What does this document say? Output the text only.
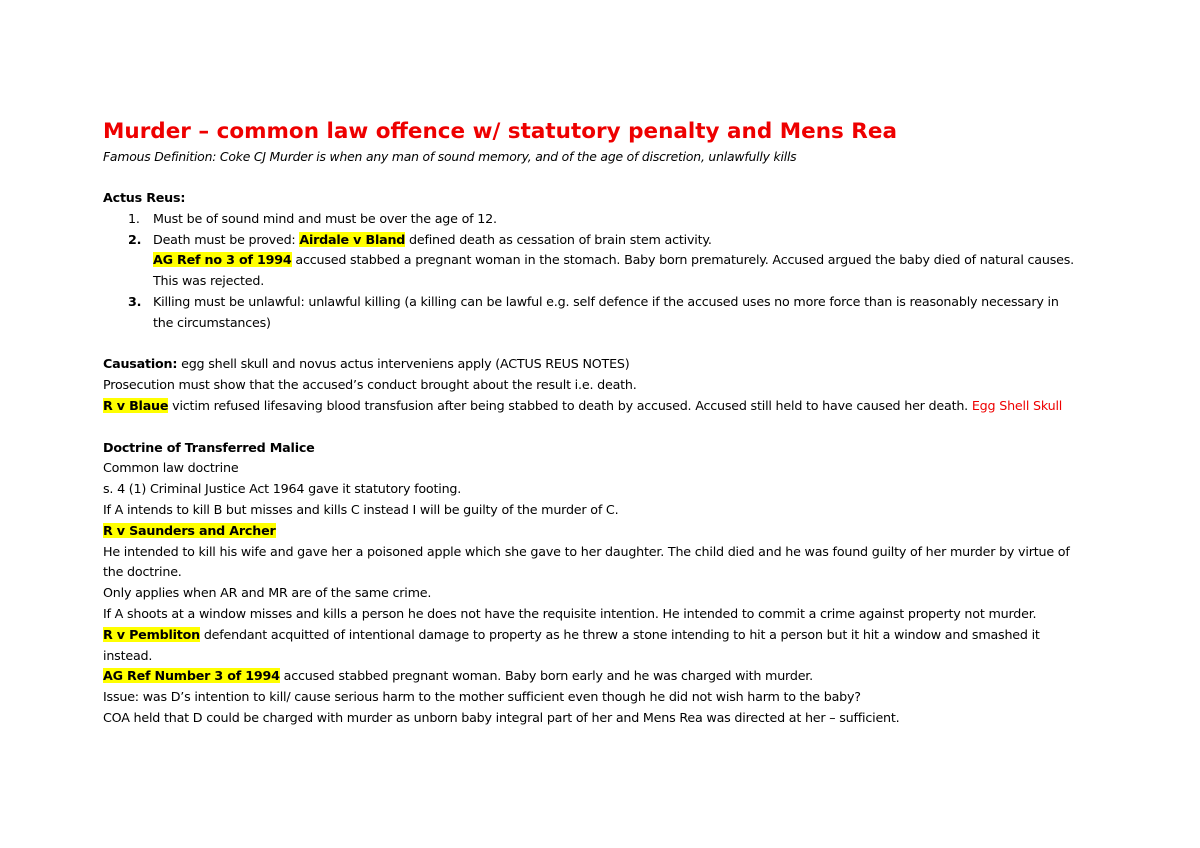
Murder – common law offence w/ statutory penalty and Mens Rea
Famous Definition: Coke CJ Murder is when any man of sound memory, and of the age of discretion, unlawfully kills
Actus Reus:
1. Must be of sound mind and must be over the age of 12.
2. Death must be proved: Airdale v Bland defined death as cessation of brain stem activity.
AG Ref no 3 of 1994 accused stabbed a pregnant woman in the stomach. Baby born prematurely. Accused argued the baby died of natural causes.
This was rejected.
3. Killing must be unlawful: unlawful killing (a killing can be lawful e.g. self defence if the accused uses no more force than is reasonably necessary in
the circumstances)
Causation: egg shell skull and novus actus interveniens apply (ACTUS REUS NOTES)
Prosecution must show that the accused’s conduct brought about the result i.e. death.
R v Blaue victim refused lifesaving blood transfusion after being stabbed to death by accused. Accused still held to have caused her death. Egg Shell Skull
Doctrine of Transferred Malice
Common law doctrine
s. 4 (1) Criminal Justice Act 1964 gave it statutory footing.
If A intends to kill B but misses and kills C instead I will be guilty of the murder of C.
R v Saunders and Archer
He intended to kill his wife and gave her a poisoned apple which she gave to her daughter. The child died and he was found guilty of her murder by virtue of
the doctrine.
Only applies when AR and MR are of the same crime.
If A shoots at a window misses and kills a person he does not have the requisite intention. He intended to commit a crime against property not murder.
R v Pembliton defendant acquitted of intentional damage to property as he threw a stone intending to hit a person but it hit a window and smashed it
instead.
AG Ref Number 3 of 1994 accused stabbed pregnant woman. Baby born early and he was charged with murder.
Issue: was D’s intention to kill/ cause serious harm to the mother sufficient even though he did not wish harm to the baby?
COA held that D could be charged with murder as unborn baby integral part of her and Mens Rea was directed at her – sufficient.
